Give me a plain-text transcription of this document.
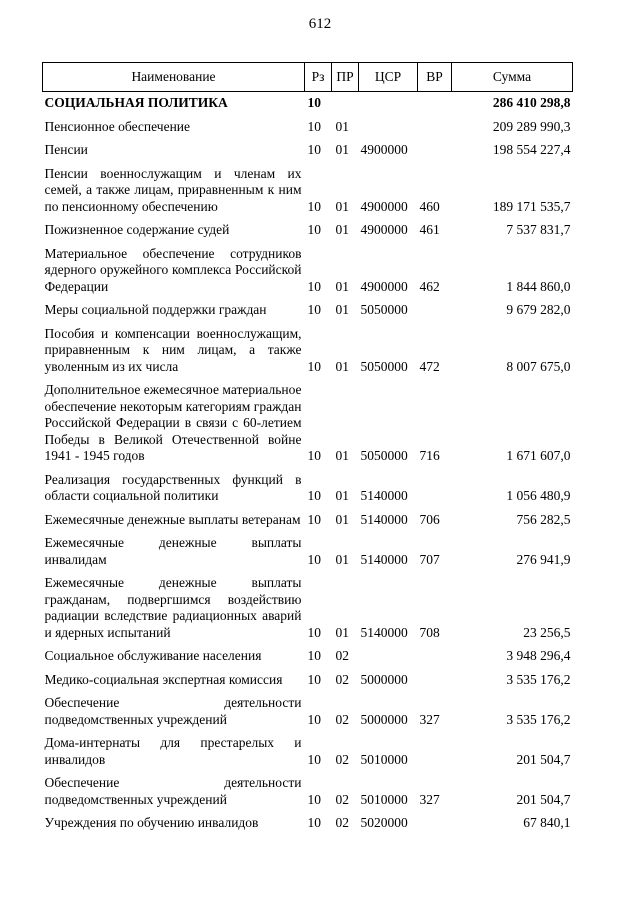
612
Наименование	Рз	ПР	ЦСР	ВР	Сумма
СОЦИАЛЬНАЯ ПОЛИТИКА	10				286 410 298,8
Пенсионное обеспечение	10	01			209 289 990,3
Пенсии	10	01	4900000		198 554 227,4
Пенсии военнослужащим и членам их семей, а также лицам, приравненным к ним по пенсионному обеспечению	10	01	4900000	460	189 171 535,7
Пожизненное содержание судей	10	01	4900000	461	7 537 831,7
Материальное обеспечение сотрудников ядерного оружейного комплекса Российской Федерации	10	01	4900000	462	1 844 860,0
Меры социальной поддержки граждан	10	01	5050000		9 679 282,0
Пособия и компенсации военнослужащим, приравненным к ним лицам, а также уволенным из их числа	10	01	5050000	472	8 007 675,0
Дополнительное ежемесячное материальное обеспечение некоторым категориям граждан Российской Федерации в связи с 60-летием Победы в Великой Отечественной войне 1941 - 1945 годов	10	01	5050000	716	1 671 607,0
Реализация государственных функций в области социальной политики	10	01	5140000		1 056 480,9
Ежемесячные денежные выплаты ветеранам	10	01	5140000	706	756 282,5
Ежемесячные денежные выплаты инвалидам	10	01	5140000	707	276 941,9
Ежемесячные денежные выплаты гражданам, подвергшимся воздействию радиации вследствие радиационных аварий и ядерных испытаний	10	01	5140000	708	23 256,5
Социальное обслуживание населения	10	02			3 948 296,4
Медико-социальная экспертная комиссия	10	02	5000000		3 535 176,2
Обеспечение деятельности подведомственных учреждений	10	02	5000000	327	3 535 176,2
Дома-интернаты для престарелых и инвалидов	10	02	5010000		201 504,7
Обеспечение деятельности подведомственных учреждений	10	02	5010000	327	201 504,7
Учреждения по обучению инвалидов	10	02	5020000		67 840,1
